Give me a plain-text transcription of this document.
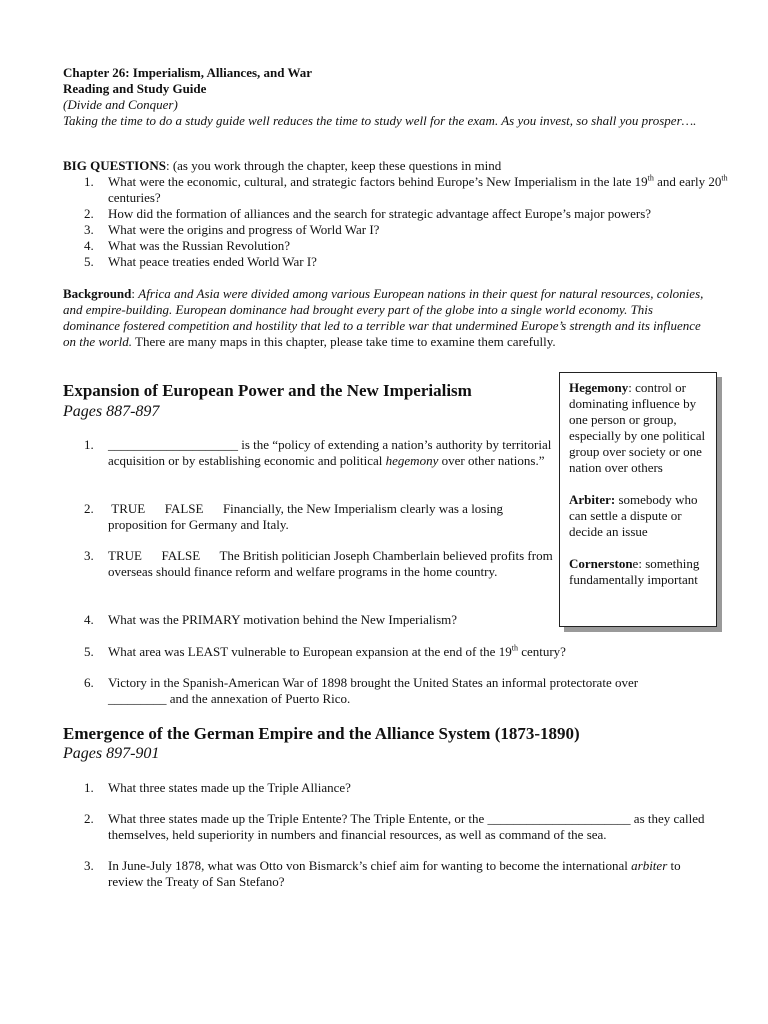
Chapter 26: Imperialism, Alliances, and War
Reading and Study Guide
(Divide and Conquer)
Taking the time to do a study guide well reduces the time to study well for the exam. As you invest, so shall you prosper….
BIG QUESTIONS: (as you work through the chapter, keep these questions in mind
1. What were the economic, cultural, and strategic factors behind Europe’s New Imperialism in the late 19th and early 20th centuries?
2. How did the formation of alliances and the search for strategic advantage affect Europe’s major powers?
3. What were the origins and progress of World War I?
4. What was the Russian Revolution?
5. What peace treaties ended World War I?
Background: Africa and Asia were divided among various European nations in their quest for natural resources, colonies, and empire-building. European dominance had brought every part of the globe into a single world economy. This dominance fostered competition and hostility that led to a terrible war that undermined Europe’s strength and its influence on the world. There are many maps in this chapter, please take time to examine them carefully.
Expansion of European Power and the New Imperialism
Pages 887-897
1. ____________________ is the “policy of extending a nation’s authority by territorial acquisition or by establishing economic and political hegemony over other nations.”
2. TRUE      FALSE      Financially, the New Imperialism clearly was a losing proposition for Germany and Italy.
3. TRUE      FALSE      The British politician Joseph Chamberlain believed profits from overseas should finance reform and welfare programs in the home country.
4. What was the PRIMARY motivation behind the New Imperialism?
5. What area was LEAST vulnerable to European expansion at the end of the 19th century?
6. Victory in the Spanish-American War of 1898 brought the United States an informal protectorate over _________ and the annexation of Puerto Rico.

Hegemony: control or dominating influence by one person or group, especially by one political group over society or one nation over others

Arbiter: somebody who can settle a dispute or decide an issue

Cornerstone: something fundamentally important

Emergence of the German Empire and the Alliance System (1873-1890)
Pages 897-901
1. What three states made up the Triple Alliance?
2. What three states made up the Triple Entente? The Triple Entente, or the ______________________ as they called themselves, held superiority in numbers and financial resources, as well as command of the sea.
3. In June-July 1878, what was Otto von Bismarck’s chief aim for wanting to become the international arbiter to review the Treaty of San Stefano?
